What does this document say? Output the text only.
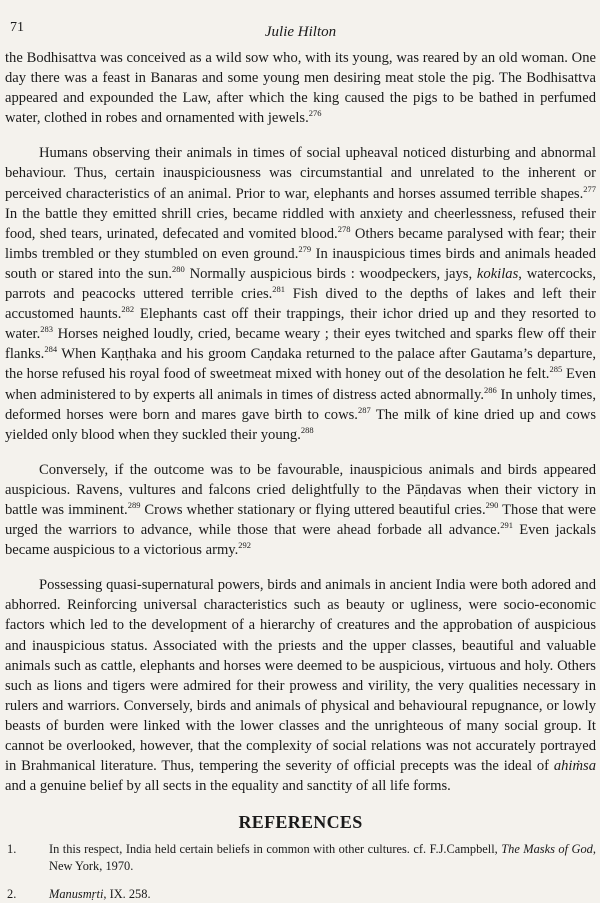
71	Julie Hilton

the Bodhisattva was conceived as a wild sow who, with its young, was reared by an old woman. One day there was a feast in Banaras and some young men desiring meat stole the pig. The Bodhisattva appeared and expounded the Law, after which the king caused the pigs to be bathed in perfumed water, clothed in robes and ornamented with jewels.$^{276}$

Humans observing their animals in times of social upheaval noticed disturbing and abnormal behaviour. Thus, certain inauspiciousness was circumstantial and unrelated to the inherent or perceived characteristics of an animal. Prior to war, elephants and horses assumed terrible shapes.$^{277}$ In the battle they emitted shrill cries, became riddled with anxiety and cheerlessness, refused their food, shed tears, urinated, defecated and vomited blood.$^{278}$ Others became paralysed with fear; their limbs trembled or they stumbled on even ground.$^{279}$ In inauspicious times birds and animals headed south or stared into the sun.$^{280}$ Normally auspicious birds : woodpeckers, jays, kokilas, watercocks, parrots and peacocks uttered terrible cries.$^{281}$ Fish dived to the depths of lakes and left their accustomed haunts.$^{282}$ Elephants cast off their trappings, their ichor dried up and they resorted to water.$^{283}$ Horses neighed loudly, cried, became weary ; their eyes twitched and sparks flew off their flanks.$^{284}$ When Kaṇṭhaka and his groom Caṇdaka returned to the palace after Gautama’s departure, the horse refused his royal food of sweetmeat mixed with honey out of the desolation he felt.$^{285}$ Even when administered to by experts all animals in times of distress acted abnormally.$^{286}$ In unholy times, deformed horses were born and mares gave birth to cows.$^{287}$ The milk of kine dried up and cows yielded only blood when they suckled their young.$^{288}$

Conversely, if the outcome was to be favourable, inauspicious animals and birds appeared auspicious. Ravens, vultures and falcons cried delightfully to the Pāṇdavas when their victory in battle was imminent.$^{289}$ Crows whether stationary or flying uttered beautiful cries.$^{290}$ Those that were urged the warriors to advance, while those that were ahead forbade all advance.$^{291}$ Even jackals became auspicious to a victorious army.$^{292}$

Possessing quasi-supernatural powers, birds and animals in ancient India were both adored and abhorred. Reinforcing universal characteristics such as beauty or ugliness, were socio-economic factors which led to the development of a hierarchy of creatures and the approbation of auspicious and inauspicious status. Associated with the priests and the upper classes, beautiful and valuable animals such as cattle, elephants and horses were deemed to be auspicious, virtuous and holy. Others such as lions and tigers were admired for their prowess and virility, the very qualities necessary in rulers and warriors. Conversely, birds and animals of physical and behavioural repugnance, or lowly beasts of burden were linked with the lower classes and the unrighteous of many social group. It cannot be overlooked, however, that the complexity of social relations was not accurately portrayed in Brahmanical literature. Thus, tempering the severity of official precepts was the ideal of ahiṁsa and a genuine belief by all sects in the equality and sanctity of all life forms.

REFERENCES
1.	In this respect, India held certain beliefs in common with other cultures. cf. F.J.Campbell, The Masks of God, New York, 1970.
2.	Manusmṛti, IX. 258.
